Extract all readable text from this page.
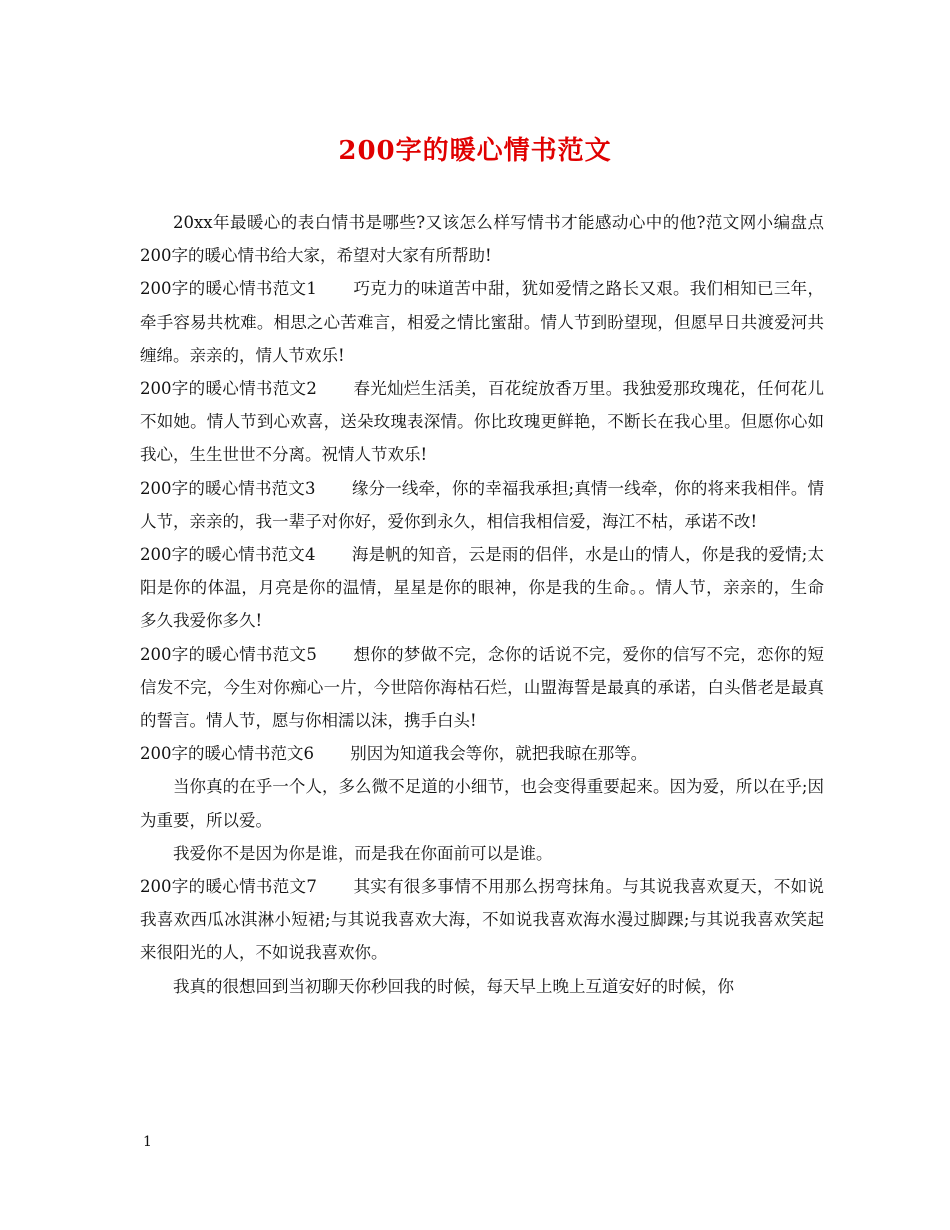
200字的暖心情书范文

20xx年最暖心的表白情书是哪些?又该怎么样写情书才能感动心中的他?范文网小编盘点200字的暖心情书给大家，希望对大家有所帮助!

200字的暖心情书范文1 巧克力的味道苦中甜，犹如爱情之路长又艰。我们相知已三年，牵手容易共枕难。相思之心苦难言，相爱之情比蜜甜。情人节到盼望现，但愿早日共渡爱河共缠绵。亲亲的，情人节欢乐!

200字的暖心情书范文2 春光灿烂生活美，百花绽放香万里。我独爱那玫瑰花，任何花儿不如她。情人节到心欢喜，送朵玫瑰表深情。你比玫瑰更鲜艳，不断长在我心里。但愿你心如我心，生生世世不分离。祝情人节欢乐!

200字的暖心情书范文3 缘分一线牵，你的幸福我承担;真情一线牵，你的将来我相伴。情人节，亲亲的，我一辈子对你好，爱你到永久，相信我相信爱，海江不枯，承诺不改!

200字的暖心情书范文4 海是帆的知音，云是雨的侣伴，水是山的情人，你是我的爱情;太阳是你的体温，月亮是你的温情，星星是你的眼神，你是我的生命。。情人节，亲亲的，生命多久我爱你多久!

200字的暖心情书范文5 想你的梦做不完，念你的话说不完，爱你的信写不完，恋你的短信发不完，今生对你痴心一片，今世陪你海枯石烂，山盟海誓是最真的承诺，白头偕老是最真的誓言。情人节，愿与你相濡以沫，携手白头!

200字的暖心情书范文6 别因为知道我会等你，就把我晾在那等。

当你真的在乎一个人，多么微不足道的小细节，也会变得重要起来。因为爱，所以在乎;因为重要，所以爱。

我爱你不是因为你是谁，而是我在你面前可以是谁。

200字的暖心情书范文7 其实有很多事情不用那么拐弯抹角。与其说我喜欢夏天，不如说我喜欢西瓜冰淇淋小短裙;与其说我喜欢大海，不如说我喜欢海水漫过脚踝;与其说我喜欢笑起来很阳光的人，不如说我喜欢你。

我真的很想回到当初聊天你秒回我的时候，每天早上晚上互道安好的时候，你

1
